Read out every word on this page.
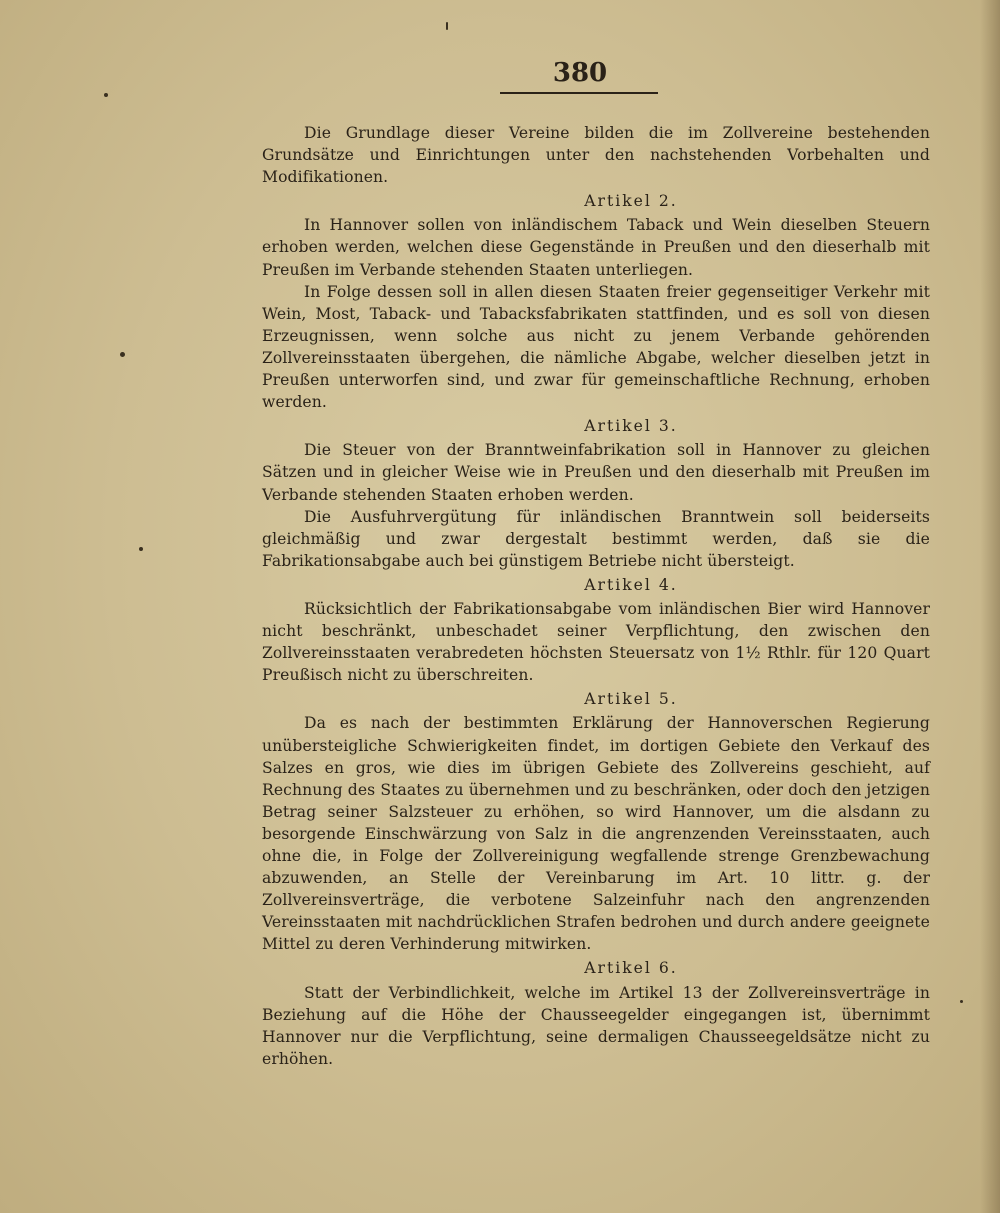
380

Die Grundlage dieser Vereine bilden die im Zollvereine bestehenden Grundsätze und Einrichtungen unter den nachstehenden Vorbehalten und Modifikationen.

Artikel 2.

In Hannover sollen von inländischem Taback und Wein dieselben Steuern erhoben werden, welchen diese Gegenstände in Preußen und den dieserhalb mit Preußen im Verbande stehenden Staaten unterliegen.

In Folge dessen soll in allen diesen Staaten freier gegenseitiger Verkehr mit Wein, Most, Taback- und Tabacksfabrikaten stattfinden, und es soll von diesen Erzeugnissen, wenn solche aus nicht zu jenem Verbande gehörenden Zollvereinsstaaten übergehen, die nämliche Abgabe, welcher dieselben jetzt in Preußen unterworfen sind, und zwar für gemeinschaftliche Rechnung, erhoben werden.

Artikel 3.

Die Steuer von der Branntweinfabrikation soll in Hannover zu gleichen Sätzen und in gleicher Weise wie in Preußen und den dieserhalb mit Preußen im Verbande stehenden Staaten erhoben werden.

Die Ausfuhrvergütung für inländischen Branntwein soll beiderseits gleichmäßig und zwar dergestalt bestimmt werden, daß sie die Fabrikationsabgabe auch bei günstigem Betriebe nicht übersteigt.

Artikel 4.

Rücksichtlich der Fabrikationsabgabe vom inländischen Bier wird Hannover nicht beschränkt, unbeschadet seiner Verpflichtung, den zwischen den Zollvereinsstaaten verabredeten höchsten Steuersatz von 1½ Rthlr. für 120 Quart Preußisch nicht zu überschreiten.

Artikel 5.

Da es nach der bestimmten Erklärung der Hannoverschen Regierung unübersteigliche Schwierigkeiten findet, im dortigen Gebiete den Verkauf des Salzes en gros, wie dies im übrigen Gebiete des Zollvereins geschieht, auf Rechnung des Staates zu übernehmen und zu beschränken, oder doch den jetzigen Betrag seiner Salzsteuer zu erhöhen, so wird Hannover, um die alsdann zu besorgende Einschwärzung von Salz in die angrenzenden Vereinsstaaten, auch ohne die, in Folge der Zollvereinigung wegfallende strenge Grenzbewachung abzuwenden, an Stelle der Vereinbarung im Art. 10 littr. g. der Zollvereinsverträge, die verbotene Salzeinfuhr nach den angrenzenden Vereinsstaaten mit nachdrücklichen Strafen bedrohen und durch andere geeignete Mittel zu deren Verhinderung mitwirken.

Artikel 6.

Statt der Verbindlichkeit, welche im Artikel 13 der Zollvereinsverträge in Beziehung auf die Höhe der Chausseegelder eingegangen ist, übernimmt Hannover nur die Verpflichtung, seine dermaligen Chausseegeldsätze nicht zu erhöhen.
